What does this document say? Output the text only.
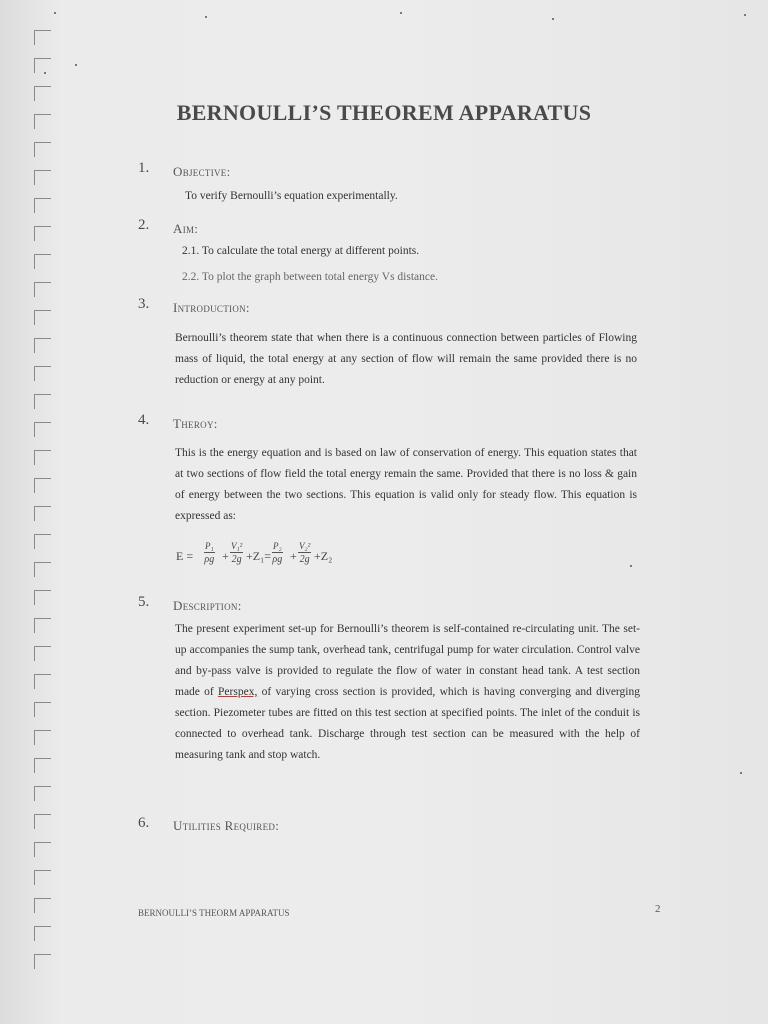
BERNOULLI’S THEOREM APPARATUS
1. Objective:
To verify Bernoulli’s equation experimentally.
2. Aim:
2.1. To calculate the total energy at different points.
2.2. To plot the graph between total energy Vs distance.
3. Introduction:
Bernoulli’s theorem state that when there is a continuous connection between particles of Flowing mass of liquid, the total energy at any section of flow will remain the same provided there is no reduction or energy at any point.
4. Theroy:
This is the energy equation and is based on law of conservation of energy. This equation states that at two sections of flow field the total energy remain the same. Provided that there is no loss & gain of energy between the two sections. This equation is valid only for steady flow. This equation is expressed as:
$E = \frac{\text{P₁}}{\rho g} + \frac{\text{V₁²}}{2g} +Z_1= \frac{\text{P₂}}{\rho g} + \frac{\text{V₂²}}{2g} +Z_2$
5. Description:
The present experiment set-up for Bernoulli’s theorem is self-contained re-circulating unit. The set-up accompanies the sump tank, overhead tank, centrifugal pump for water circulation. Control valve and by-pass valve is provided to regulate the flow of water in constant head tank. A test section made of Perspex, of varying cross section is provided, which is having converging and diverging section. Piezometer tubes are fitted on this test section at specified points. The inlet of the conduit is connected to overhead tank. Discharge through test section can be measured with the help of measuring tank and stop watch.
6. Utilities Required:
BERNOULLI’S THEORM APPARATUS	2
